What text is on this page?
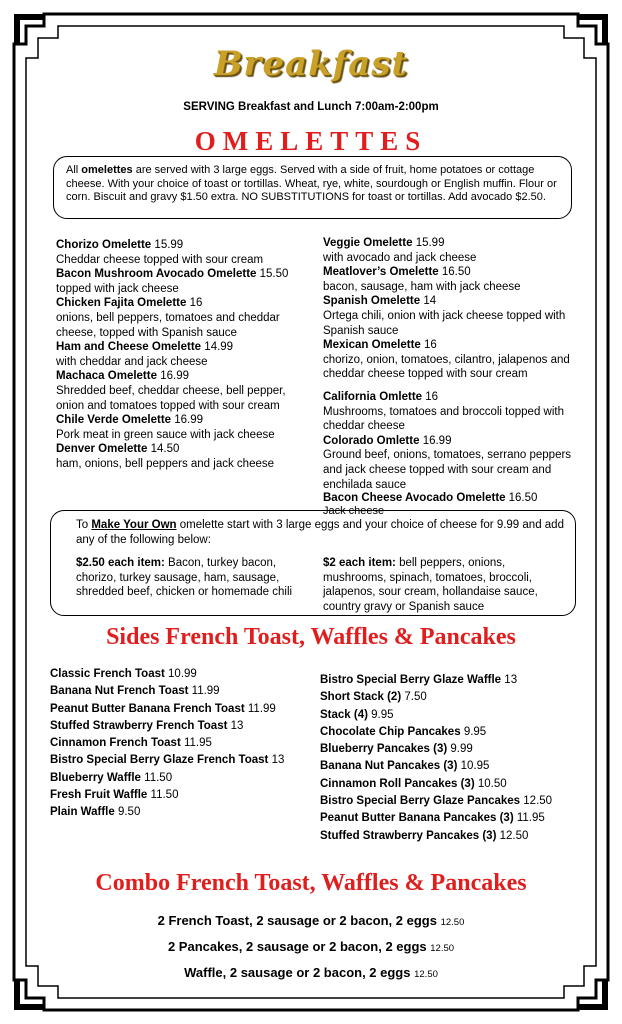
Breakfast
SERVING Breakfast and Lunch 7:00am-2:00pm
OMELETTES
All omelettes are served with 3 large eggs. Served with a side of fruit, home potatoes or cottage cheese. With your choice of toast or tortillas. Wheat, rye, white, sourdough or English muffin. Flour or corn. Biscuit and gravy $1.50 extra. NO SUBSTITUTIONS for toast or tortillas. Add avocado $2.50.
Chorizo Omelette 15.99
Cheddar cheese topped with sour cream
Bacon Mushroom Avocado Omelette 15.50
topped with jack cheese
Chicken Fajita Omelette 16
onions, bell peppers, tomatoes and cheddar cheese, topped with Spanish sauce
Ham and Cheese Omelette 14.99
with cheddar and jack cheese
Machaca Omelette 16.99
Shredded beef, cheddar cheese, bell pepper, onion and tomatoes topped with sour cream
Chile Verde Omelette 16.99
Pork meat in green sauce with jack cheese
Denver Omelette 14.50
ham, onions, bell peppers and jack cheese
Veggie Omelette 15.99
with avocado and jack cheese
Meatlover’s Omelette 16.50
bacon, sausage, ham with jack cheese
Spanish Omelette 14
Ortega chili, onion with jack cheese topped with Spanish sauce
Mexican Omelette 16
chorizo, onion, tomatoes, cilantro, jalapenos and cheddar cheese topped with sour cream
California Omlette 16
Mushrooms, tomatoes and broccoli topped with cheddar cheese
Colorado Omlette 16.99
Ground beef, onions, tomatoes, serrano peppers and jack cheese topped with sour cream and enchilada sauce
Bacon Cheese Avocado Omelette 16.50
Jack cheese
To Make Your Own omelette start with 3 large eggs and your choice of cheese for 9.99 and add any of the following below:
$2.50 each item: Bacon, turkey bacon, chorizo, turkey sausage, ham, sausage, shredded beef, chicken or homemade chili
$2 each item: bell peppers, onions, mushrooms, spinach, tomatoes, broccoli, jalapenos, sour cream, hollandaise sauce, country gravy or Spanish sauce
Sides French Toast, Waffles & Pancakes
Classic French Toast 10.99
Banana Nut French Toast 11.99
Peanut Butter Banana French Toast 11.99
Stuffed Strawberry French Toast 13
Cinnamon French Toast 11.95
Bistro Special Berry Glaze French Toast 13
Blueberry Waffle 11.50
Fresh Fruit Waffle 11.50
Plain Waffle 9.50
Bistro Special Berry Glaze Waffle 13
Short Stack (2) 7.50
Stack (4) 9.95
Chocolate Chip Pancakes 9.95
Blueberry Pancakes (3) 9.99
Banana Nut Pancakes (3) 10.95
Cinnamon Roll Pancakes (3) 10.50
Bistro Special Berry Glaze Pancakes 12.50
Peanut Butter Banana Pancakes (3) 11.95
Stuffed Strawberry Pancakes (3) 12.50
Combo French Toast, Waffles & Pancakes
2 French Toast, 2 sausage or 2 bacon, 2 eggs 12.50
2 Pancakes, 2 sausage or 2 bacon, 2 eggs 12.50
Waffle, 2 sausage or 2 bacon, 2 eggs 12.50
